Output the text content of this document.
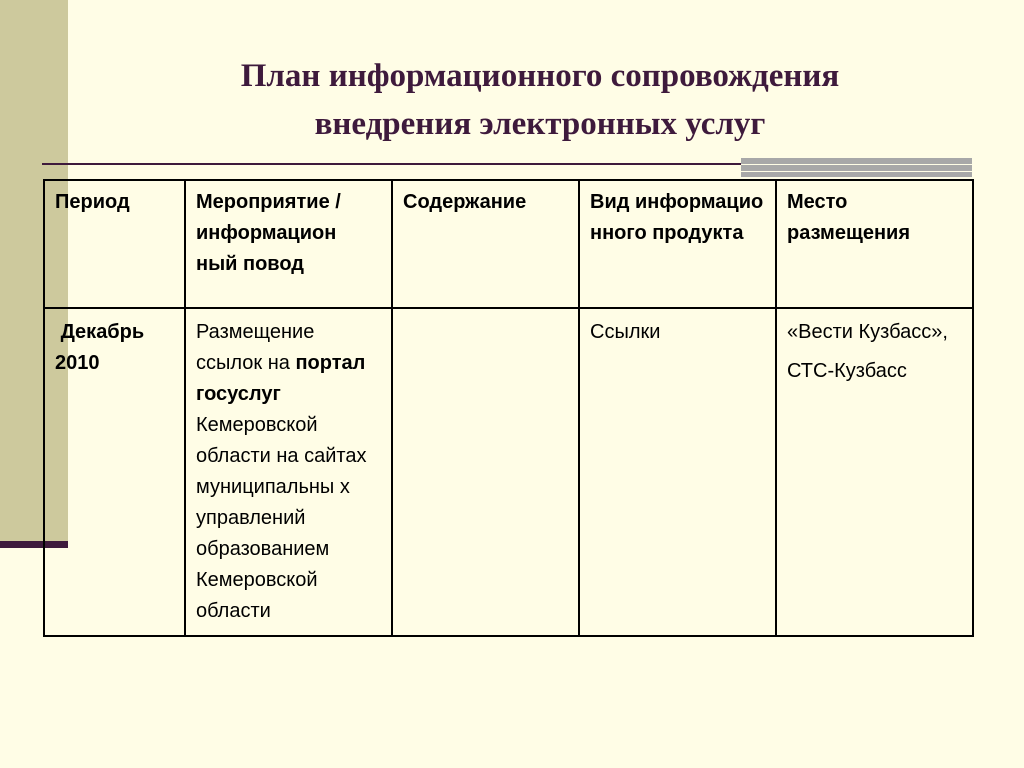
План информационного сопровождения
внедрения электронных услуг
Период	Мероприятие / информацион ный повод	Содержание	Вид информацио нного продукта	Место размещения
Декабрь 2010	Размещение ссылок на портал госуслуг Кемеровской области на сайтах муниципальны х управлений образованием Кемеровской области		Ссылки	«Вести Кузбасс»,
СТС-Кузбасс
